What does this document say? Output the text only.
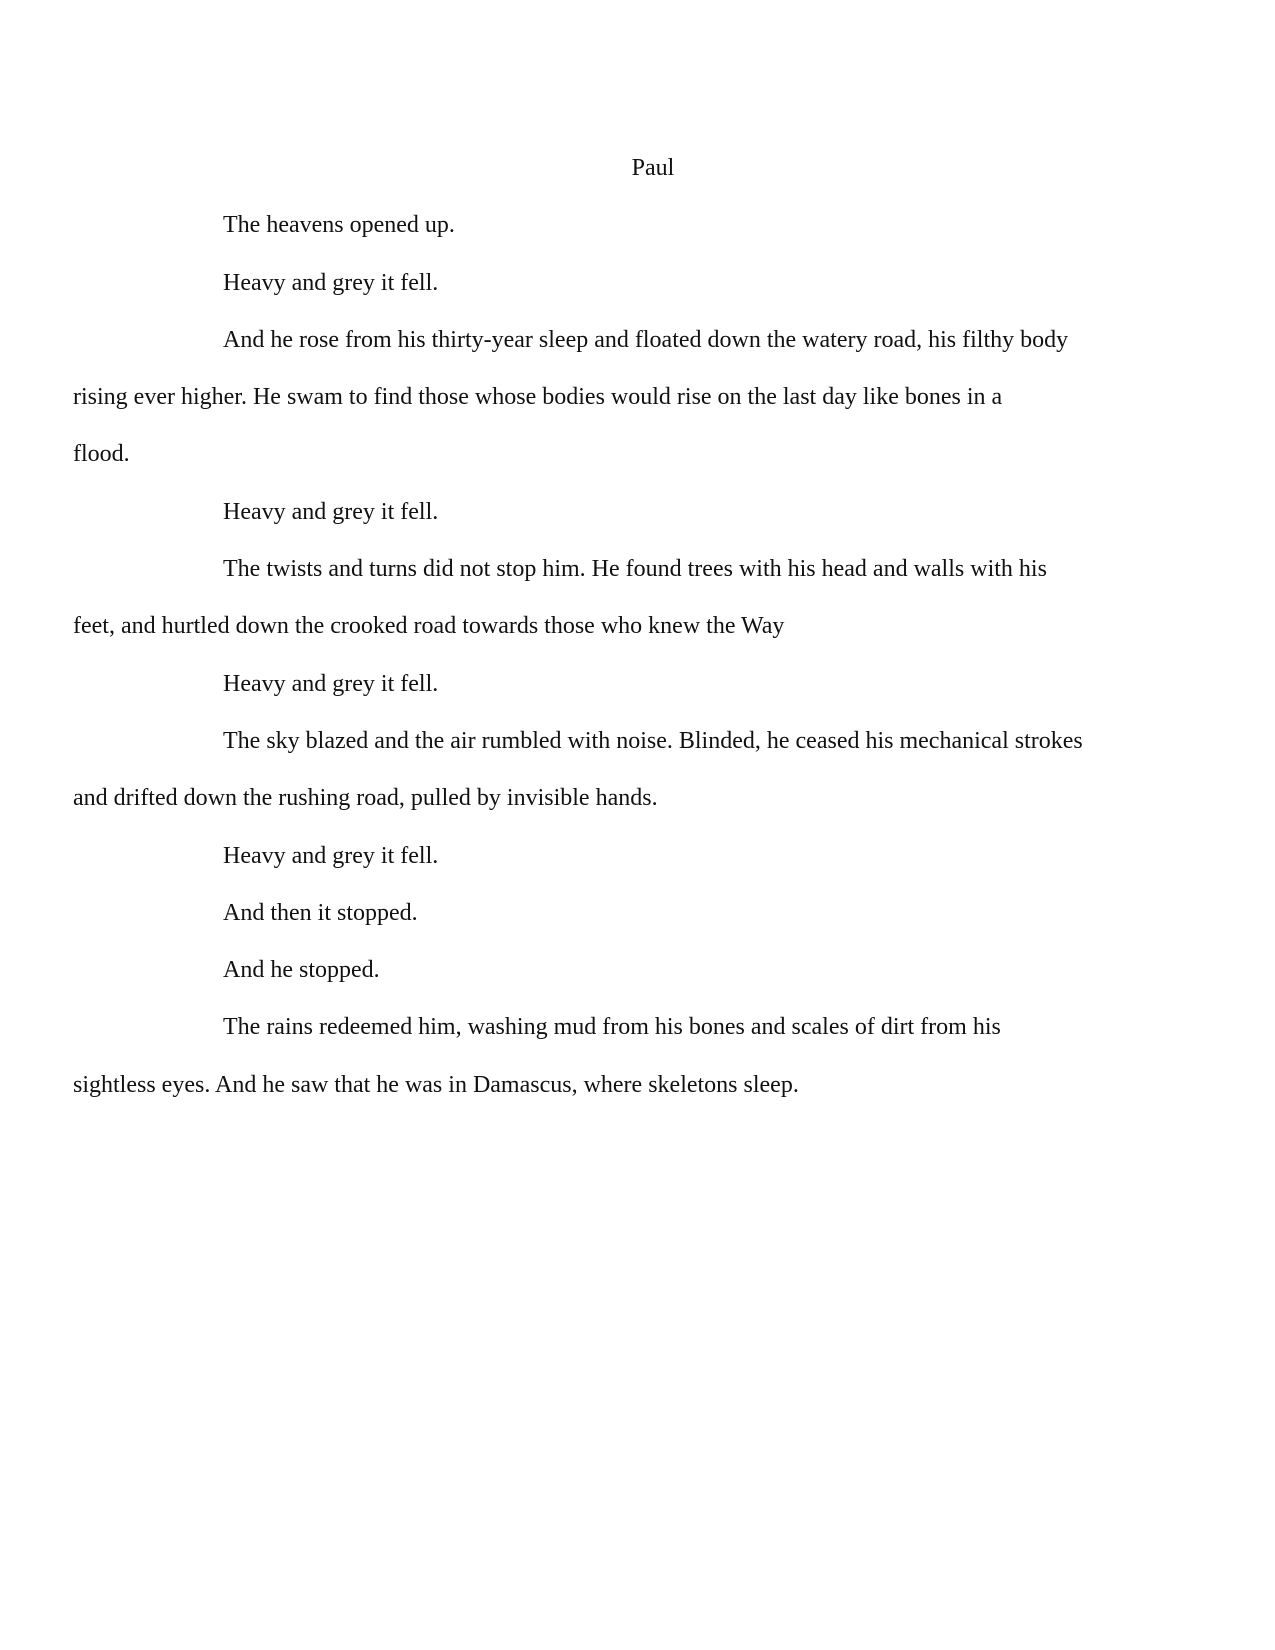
Paul

The heavens opened up.

Heavy and grey it fell.

And he rose from his thirty-year sleep and floated down the watery road, his filthy body
rising ever higher. He swam to find those whose bodies would rise on the last day like bones in a
flood.

Heavy and grey it fell.

The twists and turns did not stop him. He found trees with his head and walls with his
feet, and hurtled down the crooked road towards those who knew the Way

Heavy and grey it fell.

The sky blazed and the air rumbled with noise. Blinded, he ceased his mechanical strokes
and drifted down the rushing road, pulled by invisible hands.

Heavy and grey it fell.

And then it stopped.

And he stopped.

The rains redeemed him, washing mud from his bones and scales of dirt from his
sightless eyes. And he saw that he was in Damascus, where skeletons sleep.
